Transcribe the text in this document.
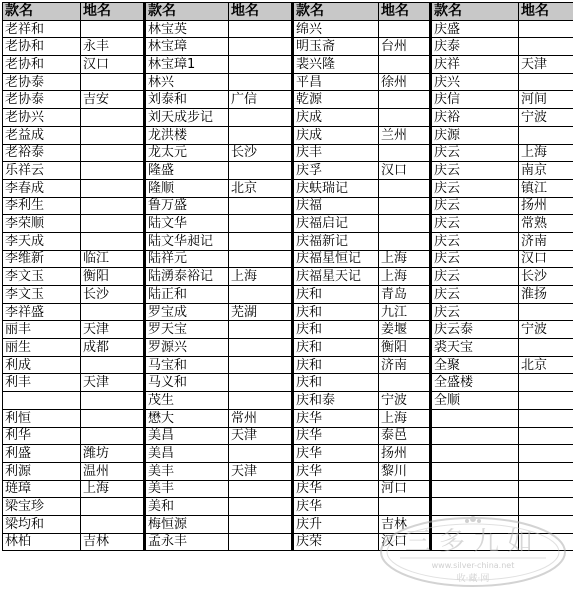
款名	地名	款名	地名	款名	地名	款名	地名
老祥和		林宝英		绵兴		庆盛	
老协和	永丰	林宝璋		明玉斋	台州	庆泰	
老协和	汉口	林宝璋1		裴兴隆		庆祥	天津
老协泰		林兴		平昌	徐州	庆兴	
老协泰	吉安	刘泰和	广信	乾源		庆信	河间
老协兴		刘天成步记		庆成		庆裕	宁波
老益成		龙洪楼		庆成	兰州	庆源	
老裕泰		龙太元	长沙	庆丰		庆云	上海
乐祥云		隆盛		庆孚	汉口	庆云	南京
李春成		隆顺	北京	庆蚨瑞记		庆云	镇江
李利生		鲁万盛		庆福		庆云	扬州
李荣顺		陆文华		庆福启记		庆云	常熟
李天成		陆文华昶记		庆福新记		庆云	济南
李维新	临江	陆祥元		庆福星恒记	上海	庆云	汉口
李文玉	衡阳	陆湧泰裕记	上海	庆福星天记	上海	庆云	长沙
李文玉	长沙	陆正和		庆和	青岛	庆云	淮扬
李祥盛		罗宝成	芜湖	庆和	九江	庆云	
丽丰	天津	罗天宝		庆和	姜堰	庆云泰	宁波
丽生	成都	罗源兴		庆和	衡阳	裘天宝	
利成		马宝和		庆和	济南	全聚	北京
利丰	天津	马义和		庆和		全盛楼	
		茂生		庆和泰	宁波	全顺	
利恒		懋大	常州	庆华	上海		
利华		美昌	天津	庆华	泰邑		
利盛	潍坊	美昌		庆华	扬州		
利源	温州	美丰	天津	庆华	黎川		
琏璋	上海	美丰		庆华	河口		
梁宝珍		美和		庆华			
梁均和		梅恒源		庆升	吉林		
林柏	吉林	孟永丰		庆荣	汉口		
三多九如
www.silver-china.net
收·藏·网
